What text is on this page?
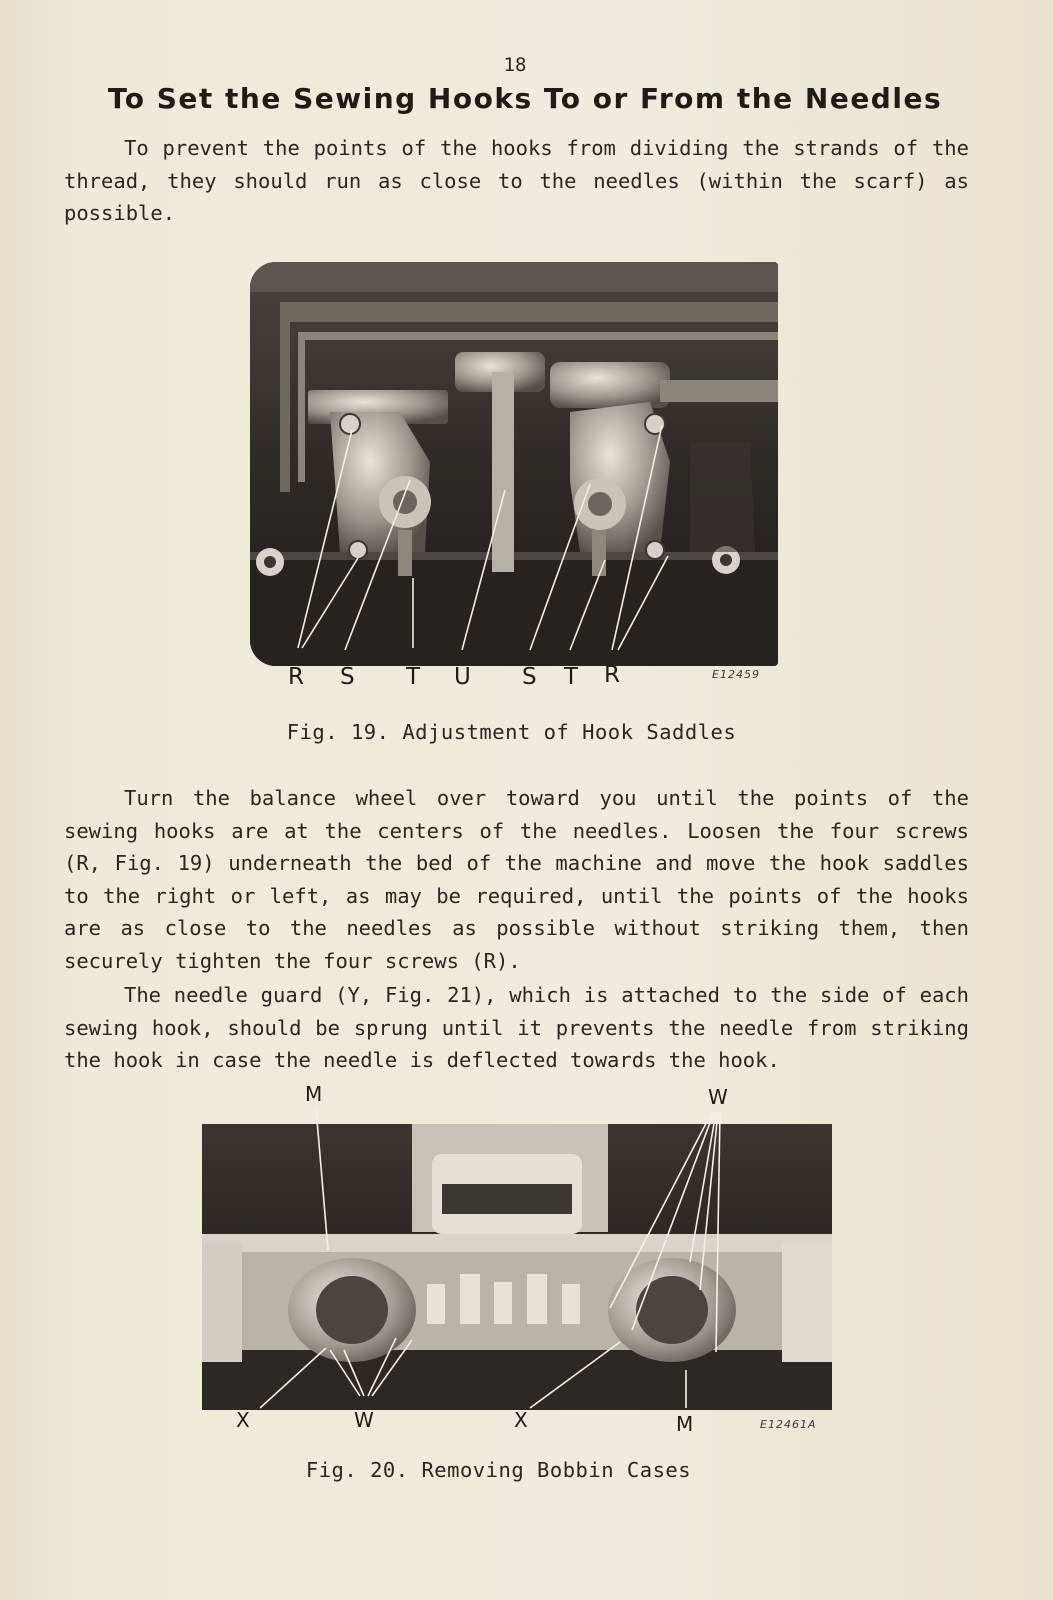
18
To Set the Sewing Hooks To or From the Needles

To prevent the points of the hooks from dividing the strands of the thread, they should run as close to the needles (within the scarf) as possible.

R S T U S T R	E12459
Fig. 19. Adjustment of Hook Saddles

Turn the balance wheel over toward you until the points of the sewing hooks are at the centers of the needles. Loosen the four screws (R, Fig. 19) underneath the bed of the machine and move the hook saddles to the right or left, as may be required, until the points of the hooks are as close to the needles as possible without striking them, then securely tighten the four screws (R).

The needle guard (Y, Fig. 21), which is attached to the side of each sewing hook, should be sprung until it prevents the needle from striking the hook in case the needle is deflected towards the hook.

M	W
X	W	X	M	E12461A
Fig. 20. Removing Bobbin Cases
